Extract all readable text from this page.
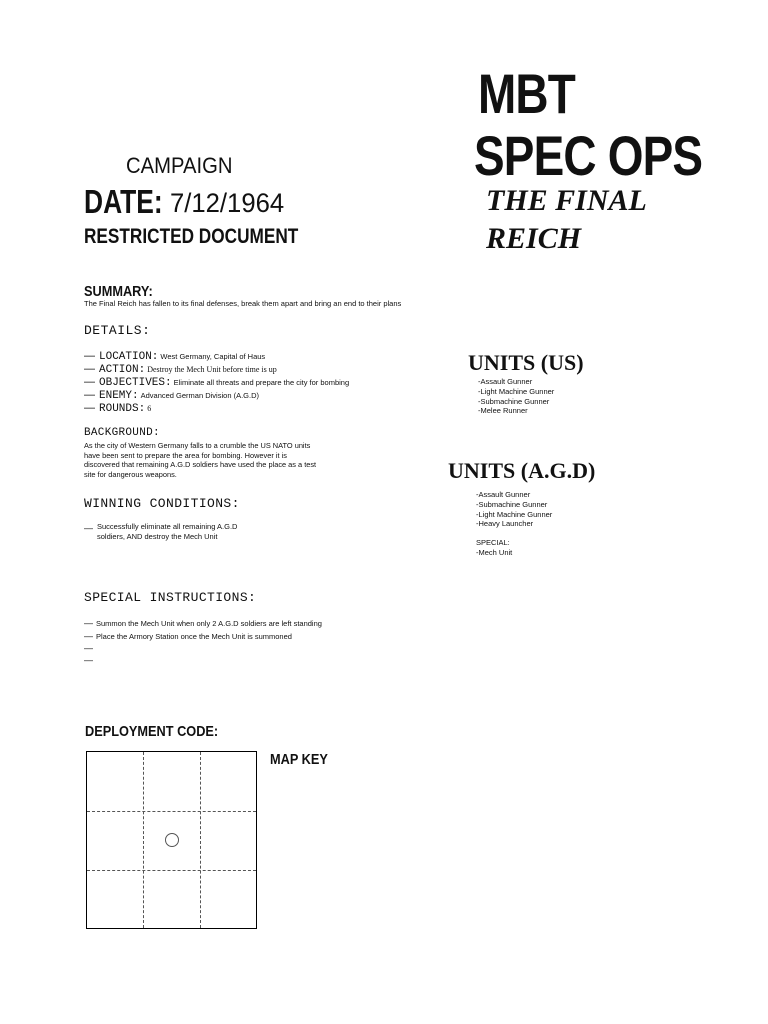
MBT
SPEC OPS
THE FINAL
REICH
CAMPAIGN
DATE: 7/12/1964
RESTRICTED DOCUMENT
SUMMARY:
The Final Reich has fallen to its final defenses, break them apart and bring an end to their plans
DETAILS:
— LOCATION: West Germany, Capital of Haus
— ACTION: Destroy the Mech Unit before time is up
— OBJECTIVES: Eliminate all threats and prepare the city for bombing
— ENEMY: Advanced German Division (A.G.D)
— ROUNDS: 6
BACKGROUND:
As the city of Western Germany falls to a crumble the US NATO units have been sent to prepare the area for bombing. However it is discovered that remaining A.G.D soldiers have used the place as a test site for dangerous weapons.
WINNING CONDITIONS:
— Successfully eliminate all remaining A.G.D soldiers, AND destroy the Mech Unit
SPECIAL INSTRUCTIONS:
— Summon the Mech Unit when only 2 A.G.D soldiers are left standing
— Place the Armory Station once the Mech Unit is summoned
—
—
DEPLOYMENT CODE:
MAP KEY
UNITS (US)
-Assault Gunner
-Light Machine Gunner
-Submachine Gunner
-Melee Runner
UNITS (A.G.D)
-Assault Gunner
-Submachine Gunner
-Light Machine Gunner
-Heavy Launcher
SPECIAL:
-Mech Unit
